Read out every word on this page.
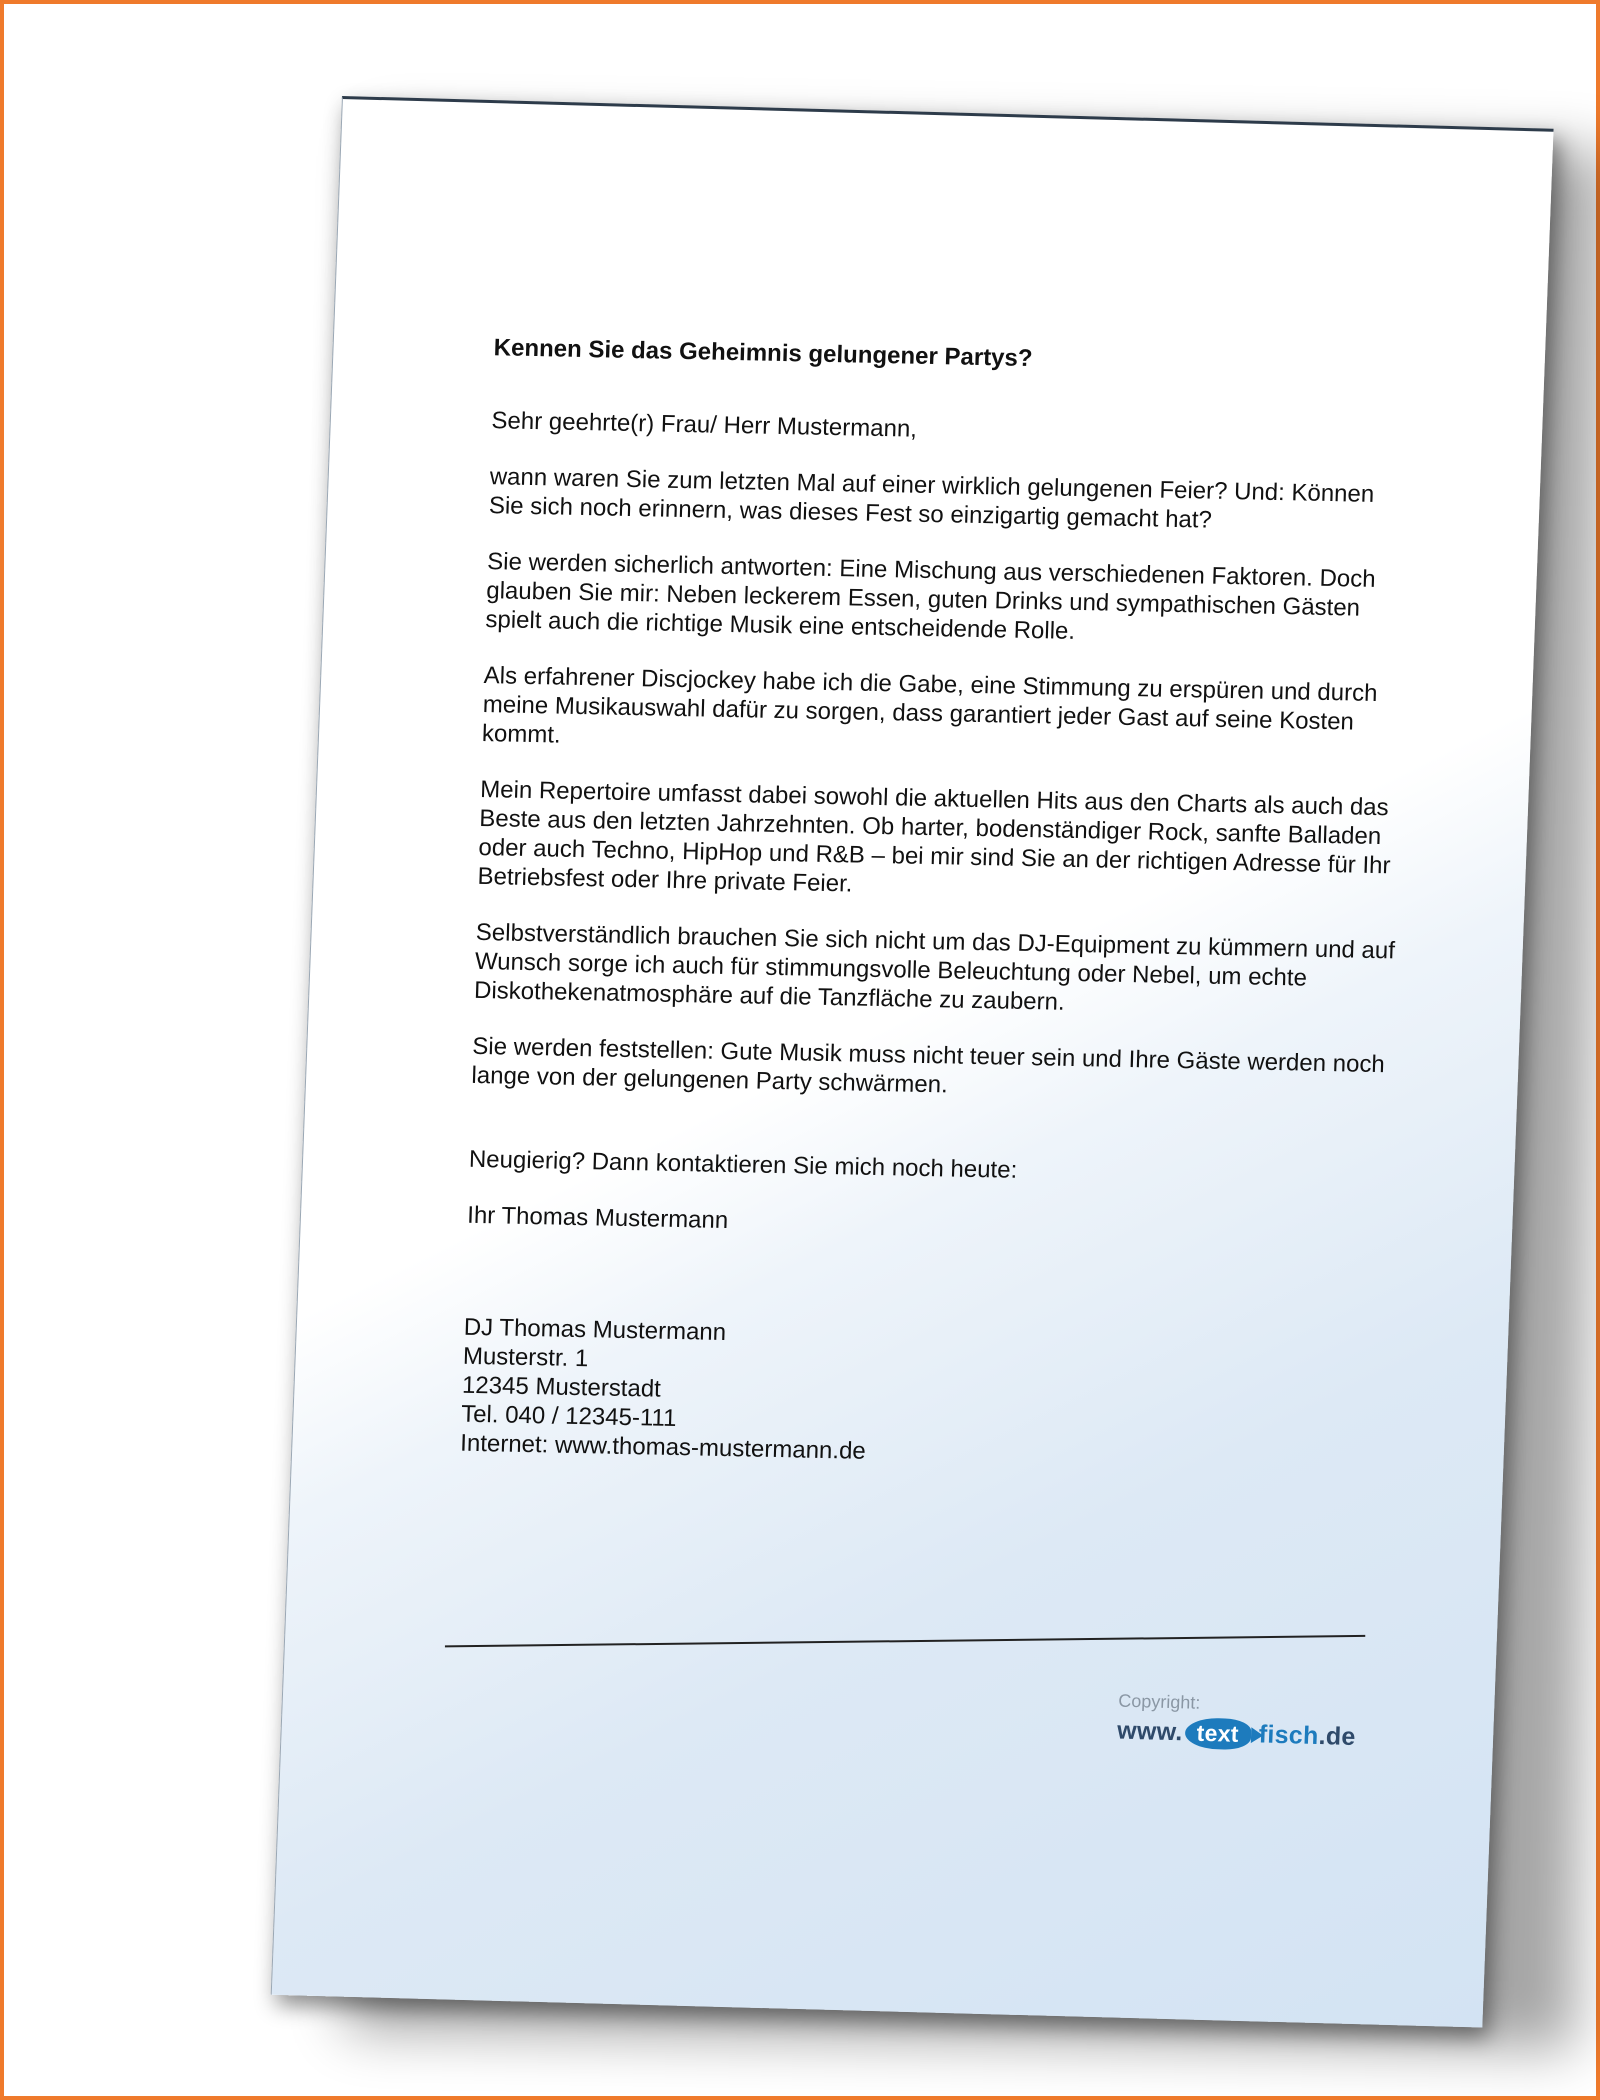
Kennen Sie das Geheimnis gelungener Partys?
Sehr geehrte(r) Frau/ Herr Mustermann,
wann waren Sie zum letzten Mal auf einer wirklich gelungenen Feier? Und: Können Sie sich noch erinnern, was dieses Fest so einzigartig gemacht hat?
Sie werden sicherlich antworten: Eine Mischung aus verschiedenen Faktoren. Doch glauben Sie mir: Neben leckerem Essen, guten Drinks und sympathischen Gästen spielt auch die richtige Musik eine entscheidende Rolle.
Als erfahrener Discjockey habe ich die Gabe, eine Stimmung zu erspüren und durch meine Musikauswahl dafür zu sorgen, dass garantiert jeder Gast auf seine Kosten kommt.
Mein Repertoire umfasst dabei sowohl die aktuellen Hits aus den Charts als auch das Beste aus den letzten Jahrzehnten. Ob harter, bodenständiger Rock, sanfte Balladen oder auch Techno, HipHop und R&B – bei mir sind Sie an der richtigen Adresse für Ihr Betriebsfest oder Ihre private Feier.
Selbstverständlich brauchen Sie sich nicht um das DJ-Equipment zu kümmern und auf Wunsch sorge ich auch für stimmungsvolle Beleuchtung oder Nebel, um echte Diskothekenatmosphäre auf die Tanzfläche zu zaubern.
Sie werden feststellen: Gute Musik muss nicht teuer sein und Ihre Gäste werden noch lange von der gelungenen Party schwärmen.
Neugierig? Dann kontaktieren Sie mich noch heute:
Ihr Thomas Mustermann
DJ Thomas Mustermann
Musterstr. 1
12345 Musterstadt
Tel. 040 / 12345-111
Internet: www.thomas-mustermann.de
Copyright:
www. text fisch
.de
